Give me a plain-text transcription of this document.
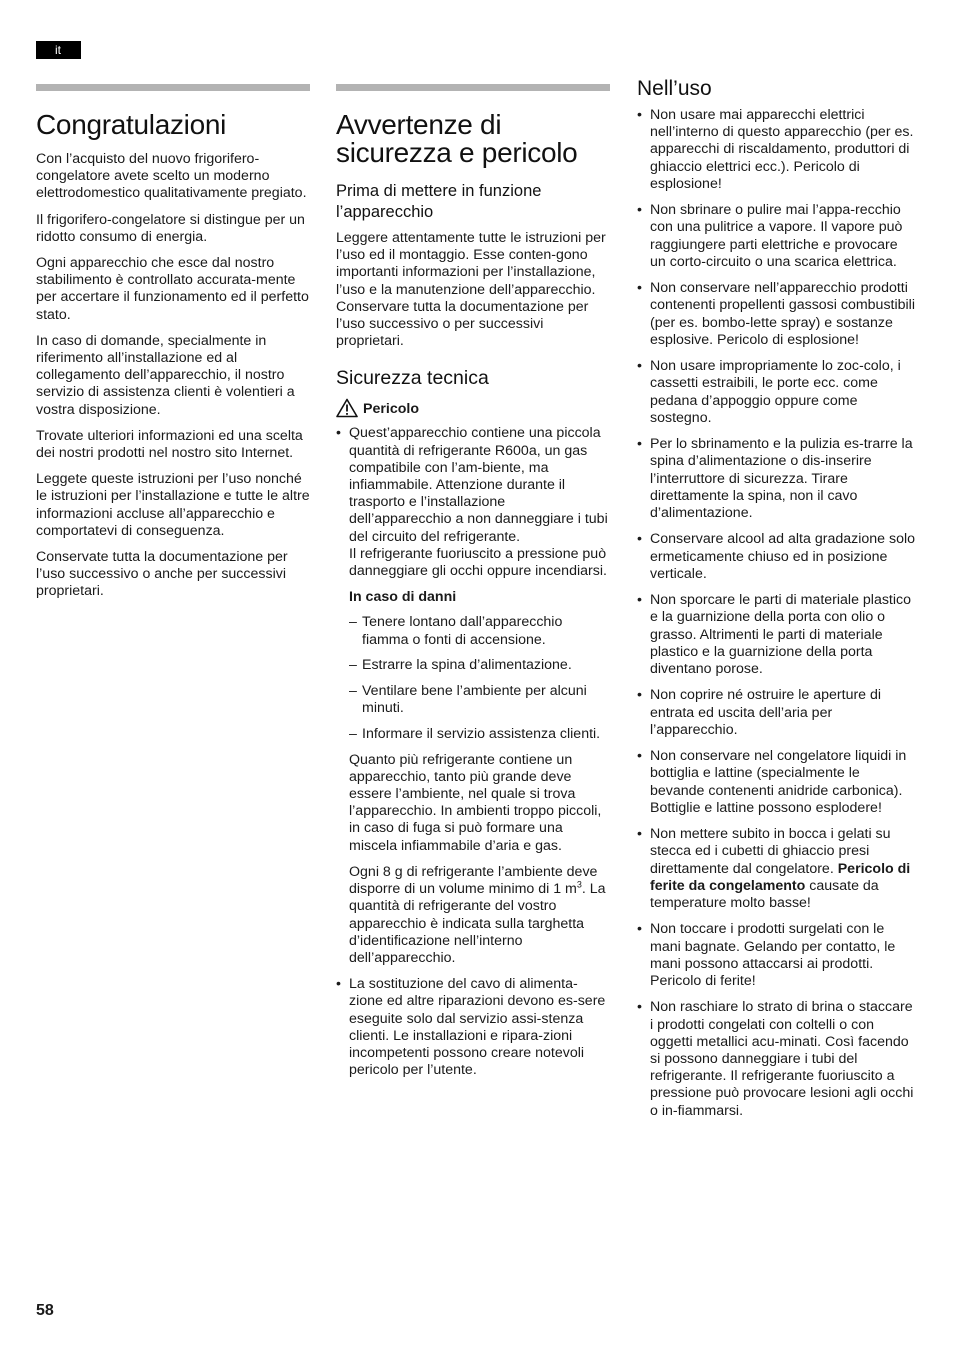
it
Congratulazioni

Con l’acquisto del nuovo frigorifero-congelatore avete scelto un moderno elettrodomestico qualitativamente pregiato.

Il frigorifero-congelatore si distingue per un ridotto consumo di energia.

Ogni apparecchio che esce dal nostro stabilimento è controllato accurata-mente per accertare il funzionamento ed il perfetto stato.

In caso di domande, specialmente in riferimento all’installazione ed al collegamento dell’apparecchio, il nostro servizio di assistenza clienti è volentieri a vostra disposizione.

Trovate ulteriori informazioni ed una scelta dei nostri prodotti nel nostro sito Internet.

Leggete queste istruzioni per l’uso nonché le istruzioni per l’installazione e tutte le altre informazioni accluse all’apparecchio e comportatevi di conseguenza.

Conservate tutta la documentazione per l’uso successivo o anche per successivi proprietari.

Avvertenze di sicurezza e pericolo
Prima di mettere in funzione l’apparecchio

Leggere attentamente tutte le istruzioni per l’uso ed il montaggio. Esse conten-gono importanti informazioni per l’installazione, l’uso e la manutenzione dell’apparecchio.

Conservare tutta la documentazione per l’uso successivo o per successivi proprietari.

Sicurezza tecnica
Pericolo
• Quest’apparecchio contiene una piccola quantità di refrigerante R600a, un gas compatibile con l’am-biente, ma infiammabile. Attenzione durante il trasporto e l’installazione dell’apparecchio a non danneggiare i tubi del circuito del refrigerante.
Il refrigerante fuoriuscito a pressione può danneggiare gli occhi oppure incendiarsi.
In caso di danni
– Tenere lontano dall’apparecchio fiamma o fonti di accensione.
– Estrarre la spina d’alimentazione.
– Ventilare bene l’ambiente per alcuni minuti.
– Informare il servizio assistenza clienti.

Quanto più refrigerante contiene un apparecchio, tanto più grande deve essere l’ambiente, nel quale si trova l’apparecchio. In ambienti troppo piccoli, in caso di fuga si può formare una miscela infiammabile d’aria e gas.

Ogni 8 g di refrigerante l’ambiente deve disporre di un volume minimo di 1 $m^3$. La quantità di refrigerante del vostro apparecchio è indicata sulla targhetta d’identificazione nell’interno dell’apparecchio.

• La sostituzione del cavo di alimenta-zione ed altre riparazioni devono es-sere eseguite solo dal servizio assi-stenza clienti. Le installazioni e ripara-zioni incompetenti possono creare notevoli pericolo per l’utente.
Nell’uso
• Non usare mai apparecchi elettrici nell’interno di questo apparecchio (per es. apparecchi di riscaldamento, produttori di ghiaccio elettrici ecc.). Pericolo di esplosione!
• Non sbrinare o pulire mai l’appa-recchio con una pulitrice a vapore. Il vapore può raggiungere parti elettriche e provocare un corto-circuito o una scarica elettrica.
• Non conservare nell’apparecchio prodotti contenenti propellenti gassosi combustibili (per es. bombo-lette spray) e sostanze esplosive. Pericolo di esplosione!
• Non usare impropriamente lo zoc-colo, i cassetti estraibili, le porte ecc. come pedana d’appoggio oppure come sostegno.
• Per lo sbrinamento e la pulizia es-trarre la spina d’alimentazione o dis-inserire l’interruttore di sicurezza. Tirare direttamente la spina, non il cavo d’alimentazione.
• Conservare alcool ad alta gradazione solo ermeticamente chiuso ed in posizione verticale.
• Non sporcare le parti di materiale plastico e la guarnizione della porta con olio o grasso. Altrimenti le parti di materiale plastico e la guarnizione della porta diventano porose.
• Non coprire né ostruire le aperture di entrata ed uscita dell’aria per l’apparecchio.
• Non conservare nel congelatore liquidi in bottiglia e lattine (specialmente le bevande contenenti anidride carbonica). Bottiglie e lattine possono esplodere!
• Non mettere subito in bocca i gelati su stecca ed i cubetti di ghiaccio presi direttamente dal congelatore. Pericolo di ferite da congelamento causate da temperature molto basse!
• Non toccare i prodotti surgelati con le mani bagnate. Gelando per contatto, le mani possono attaccarsi ai prodotti. Pericolo di ferite!
• Non raschiare lo strato di brina o staccare i prodotti congelati con coltelli o con oggetti metallici acu-minati. Così facendo si possono danneggiare i tubi del refrigerante. Il refrigerante fuoriuscito a pressione può provocare lesioni agli occhi o in-fiammarsi.
58
